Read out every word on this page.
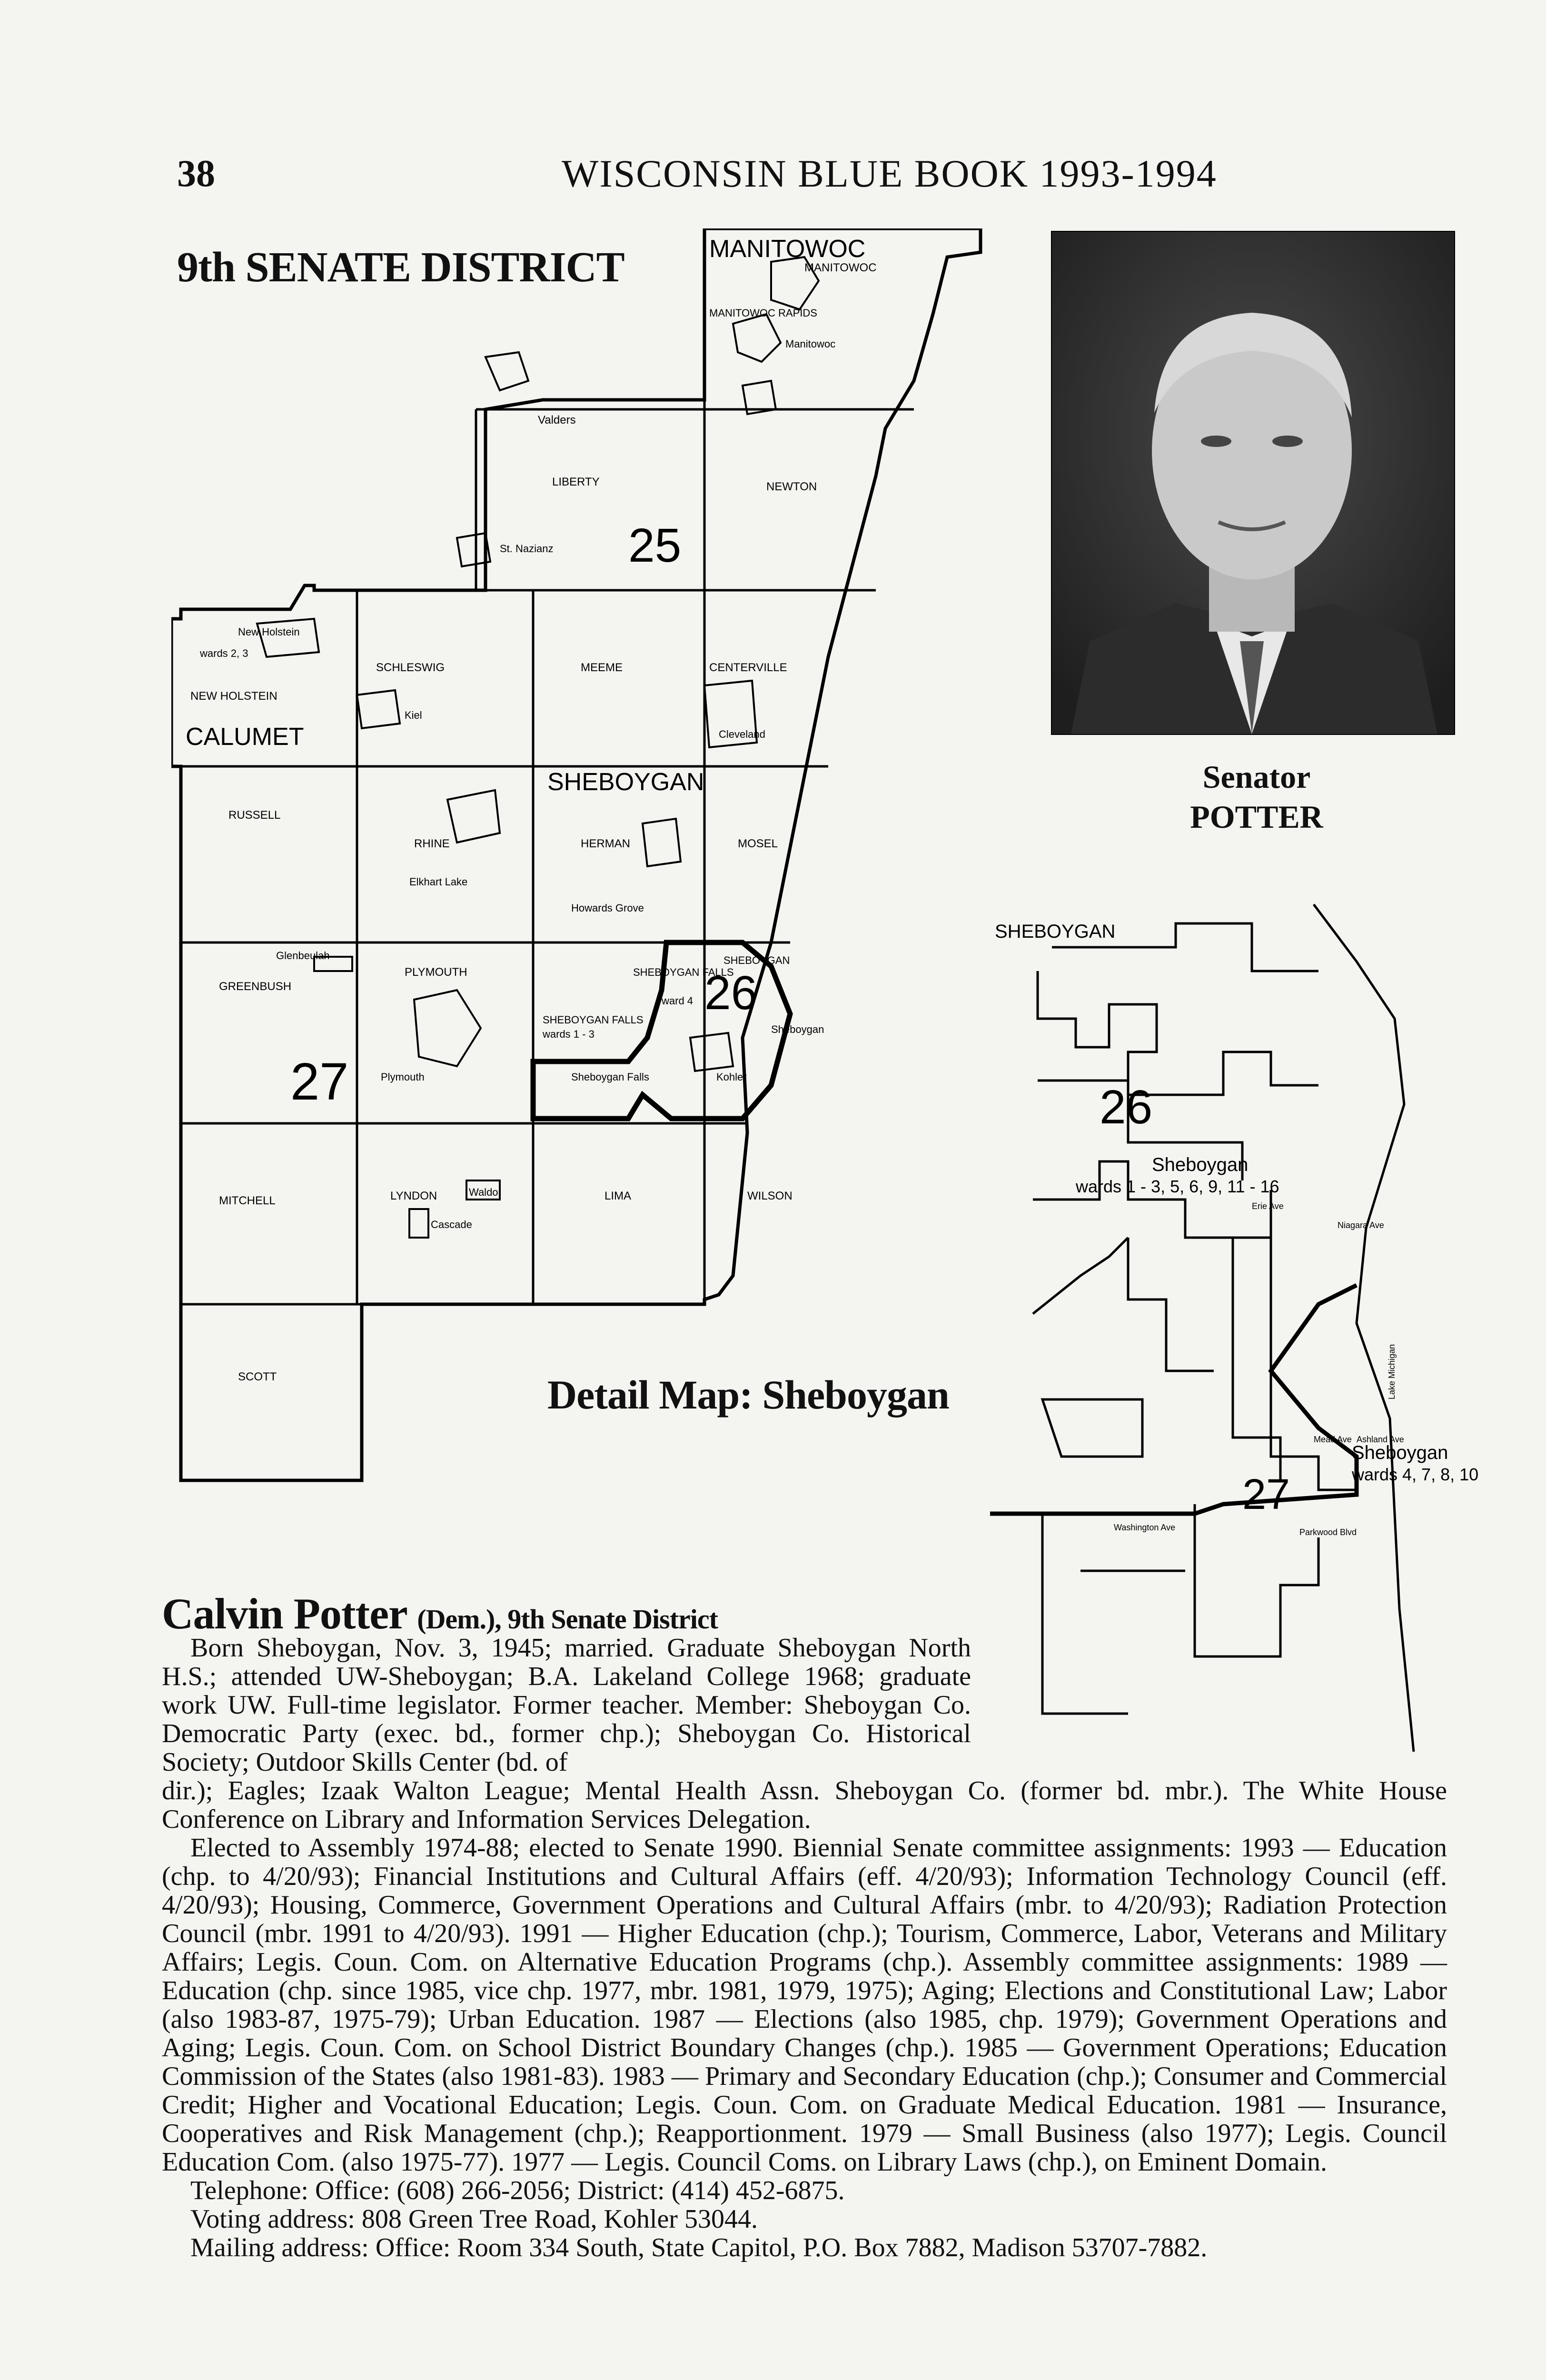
38	WISCONSIN BLUE BOOK 1993-1994
9th SENATE DISTRICT	MANITOWOC
MANITOWOC
MANITOWOC RAPIDS
Manitowoc
Valders
LIBERTY	NEWTON
St. Nazianz 25
wards 2, 3
New Holstein
NEW HOLSTEIN
CALUMET
SCHLESWIG
Kiel
MEEME	CENTERVILLE
Cleveland
SHEBOYGAN
RUSSELL
RHINE	HERMAN	MOSEL
Elkhart Lake
Howards Grove
Glenbeulah
GREENBUSH
PLYMOUTH
Plymouth
27
SHEBOYGAN FALLS
ward 4
SHEBOYGAN FALLS
wards 1 - 3
Sheboygan Falls
SHEBOYGAN
26
Sheboygan
Kohler
MITCHELL	LYNDON	Waldo
Cascade
LIMA	WILSON
SCOTT
Senator
POTTER
SHEBOYGAN
26
Sheboygan
wards 1 - 3, 5, 6, 9, 11 - 16
Erie Ave
Niagara Ave
Lake Michigan
Mead Ave Ashland Ave
Sheboygan
wards 4, 7, 8, 10
27
Washington Ave	Parkwood Blvd
Detail Map: Sheboygan
Calvin Potter (Dem.), 9th Senate District

Born Sheboygan, Nov. 3, 1945; married. Graduate Sheboygan North H.S.; attended UW-Sheboygan; B.A. Lakeland College 1968; graduate work UW. Full-time legislator. Former teacher. Member: Sheboygan Co. Democratic Party (exec. bd., former chp.); Sheboygan Co. Historical Society; Outdoor Skills Center (bd. of

dir.); Eagles; Izaak Walton League; Mental Health Assn. Sheboygan Co. (former bd. mbr.). The White House Conference on Library and Information Services Delegation.

Elected to Assembly 1974-88; elected to Senate 1990. Biennial Senate committee assignments: 1993 — Education (chp. to 4/20/93); Financial Institutions and Cultural Affairs (eff. 4/20/93); Information Technology Council (eff. 4/20/93); Housing, Commerce, Government Operations and Cultural Affairs (mbr. to 4/20/93); Radiation Protection Council (mbr. 1991 to 4/20/93). 1991 — Higher Education (chp.); Tourism, Commerce, Labor, Veterans and Military Affairs; Legis. Coun. Com. on Alternative Education Programs (chp.). Assembly committee assignments: 1989 — Education (chp. since 1985, vice chp. 1977, mbr. 1981, 1979, 1975); Aging; Elections and Constitutional Law; Labor (also 1983-87, 1975-79); Urban Education. 1987 — Elections (also 1985, chp. 1979); Government Operations and Aging; Legis. Coun. Com. on School District Boundary Changes (chp.). 1985 — Government Operations; Education Commission of the States (also 1981-83). 1983 — Primary and Secondary Education (chp.); Consumer and Commercial Credit; Higher and Vocational Education; Legis. Coun. Com. on Graduate Medical Education. 1981 — Insurance, Cooperatives and Risk Management (chp.); Reapportionment. 1979 — Small Business (also 1977); Legis. Council Education Com. (also 1975-77). 1977 — Legis. Council Coms. on Library Laws (chp.), on Eminent Domain.

Telephone: Office: (608) 266-2056; District: (414) 452-6875.

Voting address: 808 Green Tree Road, Kohler 53044.

Mailing address: Office: Room 334 South, State Capitol, P.O. Box 7882, Madison 53707-7882.
